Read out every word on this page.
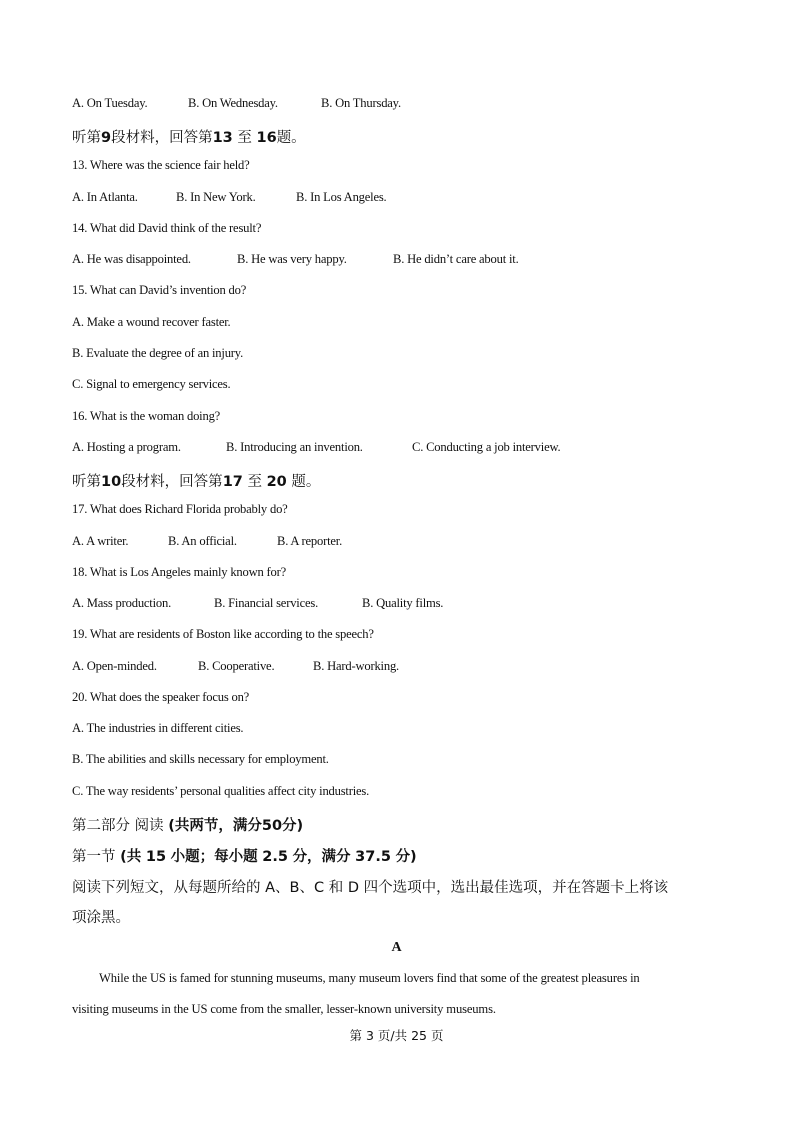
A. On Tuesday.	B. On Wednesday.	B. On Thursday.
听第9段材料，回答第13 至 16题。
13. Where was the science fair held?
A. In Atlanta.	B. In New York.	B. In Los Angeles.
14. What did David think of the result?
A. He was disappointed.	B. He was very happy.	B. He didn’t care about it.
15. What can David’s invention do?
A. Make a wound recover faster.
B. Evaluate the degree of an injury.
C. Signal to emergency services.
16. What is the woman doing?
A. Hosting a program.	B. Introducing an invention.	C. Conducting a job interview.
听第10段材料，回答第17 至 20 题。
17. What does Richard Florida probably do?
A. A writer.	B. An official.	B. A reporter.
18. What is Los Angeles mainly known for?
A. Mass production.	B. Financial services.	B. Quality films.
19. What are residents of Boston like according to the speech?
A. Open-minded.	B. Cooperative.	B. Hard-working.
20. What does the speaker focus on?
A. The industries in different cities.
B. The abilities and skills necessary for employment.
C. The way residents’ personal qualities affect city industries.
第二部分 阅读 (共两节，满分50分)
第一节 (共 15 小题；每小题 2.5 分，满分 37.5 分)
阅读下列短文，从每题所给的 A、B、C 和 D 四个选项中，选出最佳选项，并在答题卡上将该
项涂黑。
A
While the US is famed for stunning museums, many museum lovers find that some of the greatest pleasures in
visiting museums in the US come from the smaller, lesser-known university museums.
第 3 页/共 25 页
